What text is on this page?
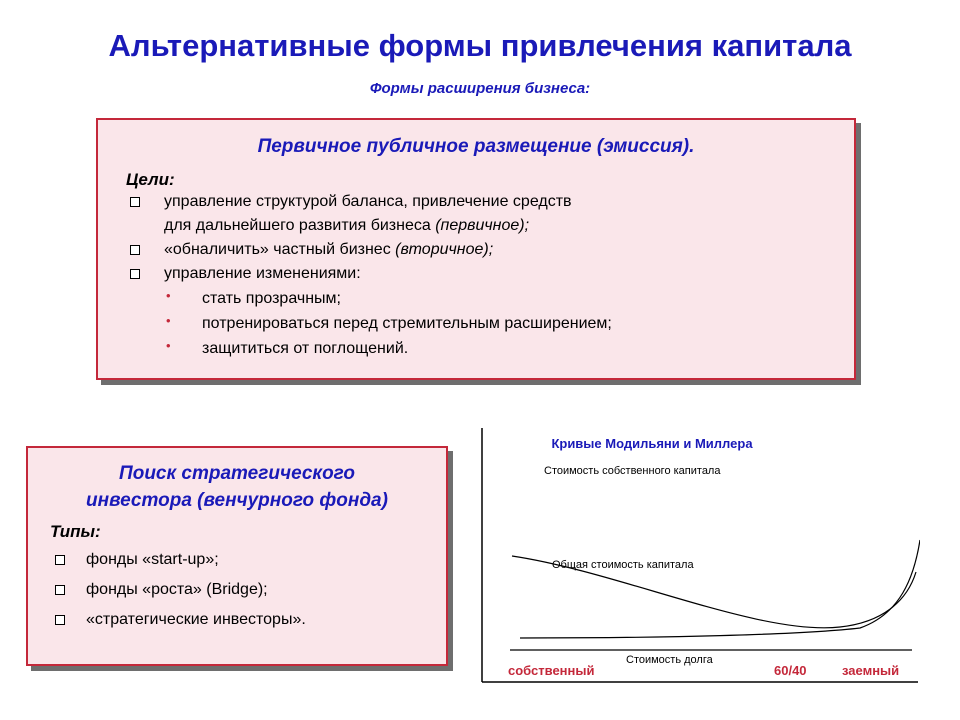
Альтернативные формы привлечения капитала
Формы расширения бизнеса:
Первичное публичное размещение (эмиссия).
Цели:
управление структурой баланса, привлечение средств
для дальнейшего развития бизнеса (первичное);
«обналичить» частный бизнес (вторичное);
управление изменениями:
• стать прозрачным;
• потренироваться перед стремительным расширением;
• защититься от поглощений.
Поиск стратегического
инвестора (венчурного фонда)
Типы:
фонды «start-up»;
фонды «роста» (Bridge);
«стратегические инвесторы».
Кривые Модильяни и Миллера
Стоимость собственного капитала
Общая стоимость капитала
Стоимость долга
собственный	60/40	заемный
